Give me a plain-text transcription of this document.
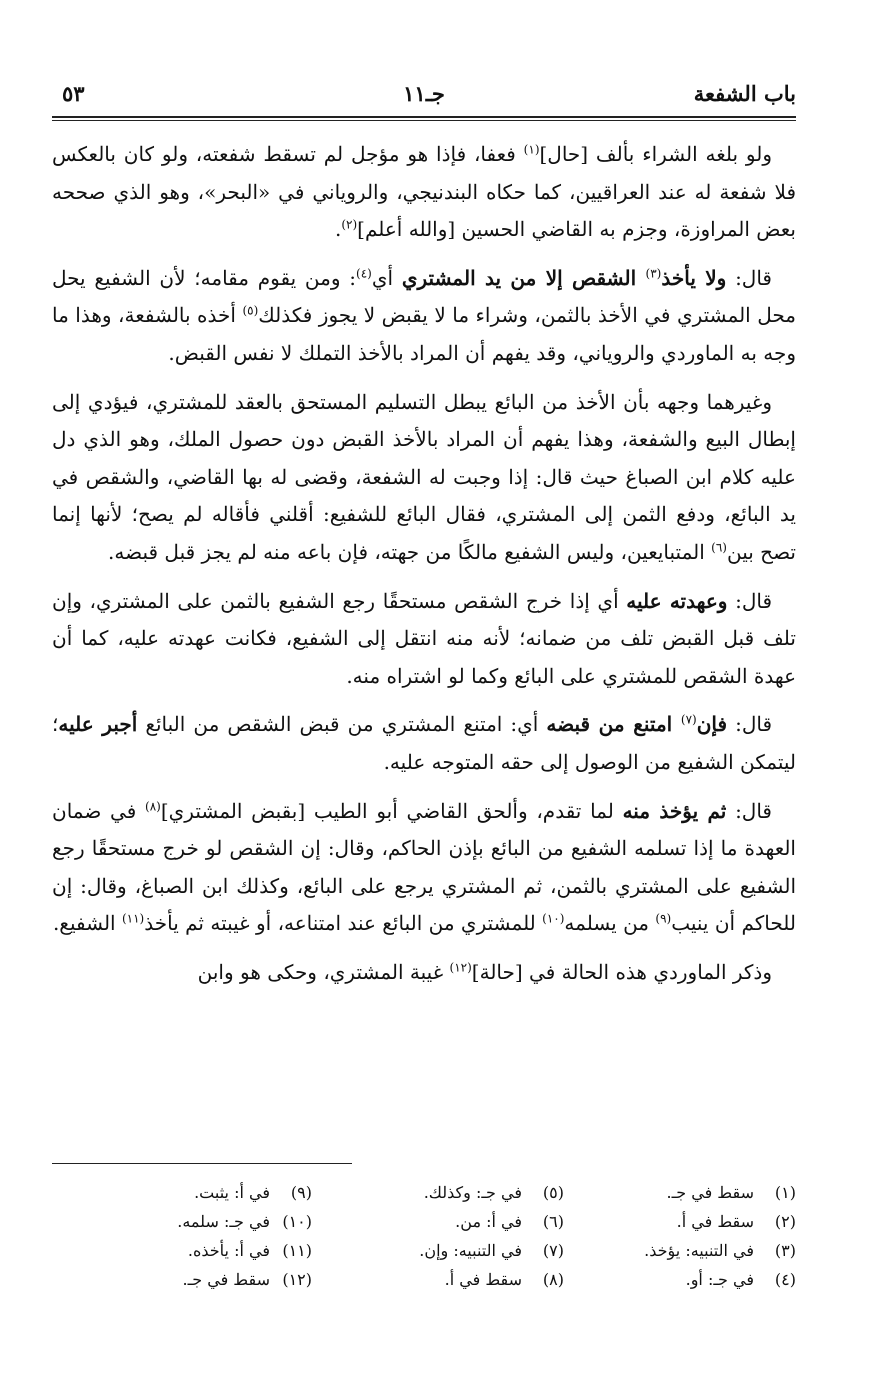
باب الشفعة
جـ١١
٥٣

ولو بلغه الشراء بألف [حال]$^{(١)}$ فعفا، فإذا هو مؤجل لم تسقط شفعته، ولو كان بالعكس فلا شفعة له عند العراقيين، كما حكاه البندنيجي، والروياني في «البحر»، وهو الذي صححه بعض المراوزة، وجزم به القاضي الحسين [والله أعلم]$^{(٢)}$.

قال: ولا يأخذ$^{(٣)}$ الشقص إلا من يد المشتري أي$^{(٤)}$: ومن يقوم مقامه؛ لأن الشفيع يحل محل المشتري في الأخذ بالثمن، وشراء ما لا يقبض لا يجوز فكذلك$^{(٥)}$ أخذه بالشفعة، وهذا ما وجه به الماوردي والروياني، وقد يفهم أن المراد بالأخذ التملك لا نفس القبض.

وغيرهما وجهه بأن الأخذ من البائع يبطل التسليم المستحق بالعقد للمشتري، فيؤدي إلى إبطال البيع والشفعة، وهذا يفهم أن المراد بالأخذ القبض دون حصول الملك، وهو الذي دل عليه كلام ابن الصباغ حيث قال: إذا وجبت له الشفعة، وقضى له بها القاضي، والشقص في يد البائع، ودفع الثمن إلى المشتري، فقال البائع للشفيع: أقلني فأقاله لم يصح؛ لأنها إنما تصح بين$^{(٦)}$ المتبايعين، وليس الشفيع مالكًا من جهته، فإن باعه منه لم يجز قبل قبضه.

قال: وعهدته عليه أي إذا خرج الشقص مستحقًا رجع الشفيع بالثمن على المشتري، وإن تلف قبل القبض تلف من ضمانه؛ لأنه منه انتقل إلى الشفيع، فكانت عهدته عليه، كما أن عهدة الشقص للمشتري على البائع وكما لو اشتراه منه.

قال: فإن$^{(٧)}$ امتنع من قبضه أي: امتنع المشتري من قبض الشقص من البائع أجبر عليه؛ ليتمكن الشفيع من الوصول إلى حقه المتوجه عليه.

قال: ثم يؤخذ منه لما تقدم، وألحق القاضي أبو الطيب [بقبض المشتري]$^{(٨)}$ في ضمان العهدة ما إذا تسلمه الشفيع من البائع بإذن الحاكم، وقال: إن الشقص لو خرج مستحقًا رجع الشفيع على المشتري بالثمن، ثم المشتري يرجع على البائع، وكذلك ابن الصباغ، وقال: إن للحاكم أن ينيب$^{(٩)}$ من يسلمه$^{(١٠)}$ للمشتري من البائع عند امتناعه، أو غيبته ثم يأخذ$^{(١١)}$ الشفيع.

وذكر الماوردي هذه الحالة في [حالة]$^{(١٢)}$ غيبة المشتري، وحكى هو وابن

(١)سقط في جـ.
(٢)سقط في أ.
(٣)في التنبيه: يؤخذ.
(٤)في جـ: أو.
(٥)في جـ: وكذلك.
(٦)في أ: من.
(٧)في التنبيه: وإن.
(٨)سقط في أ.
(٩)في أ: يثبت.
(١٠)في جـ: سلمه.
(١١)في أ: يأخذه.
(١٢)سقط في جـ.
